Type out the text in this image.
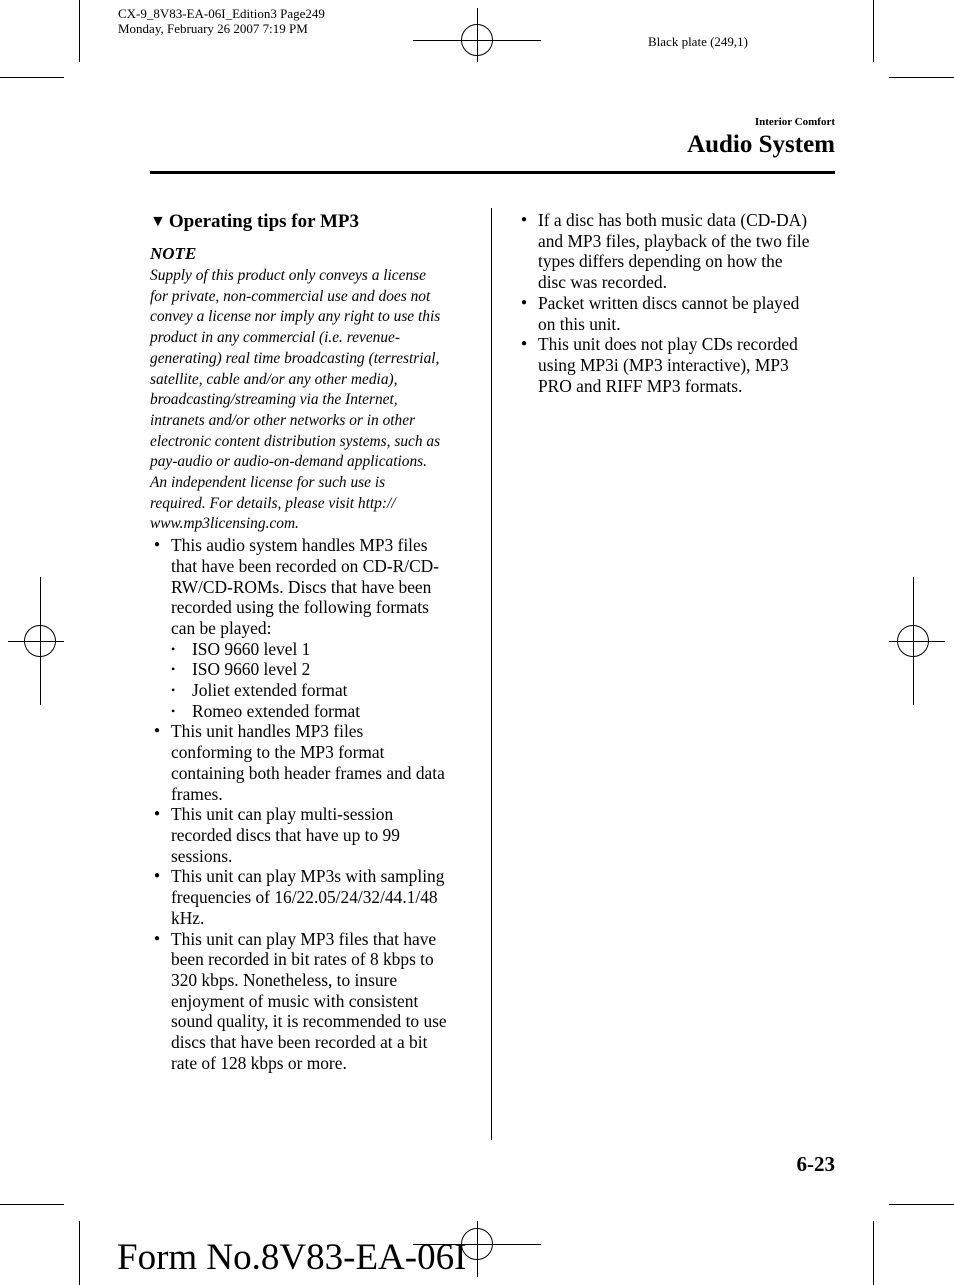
CX-9_8V83-EA-06I_Edition3 Page249
Monday, February 26 2007 7:19 PM
Black plate (249,1)
Interior Comfort
Audio System
▼ Operating tips for MP3
NOTE
Supply of this product only conveys a license
for private, non-commercial use and does not
convey a license nor imply any right to use this
product in any commercial (i.e. revenue-
generating) real time broadcasting (terrestrial,
satellite, cable and/or any other media),
broadcasting/streaming via the Internet,
intranets and/or other networks or in other
electronic content distribution systems, such as
pay-audio or audio-on-demand applications.
An independent license for such use is
required. For details, please visit http://
www.mp3licensing.com.
● This audio system handles MP3 files
that have been recorded on CD-R/CD-
RW/CD-ROMs. Discs that have been
recorded using the following formats
can be played:
• ISO 9660 level 1
• ISO 9660 level 2
• Joliet extended format
• Romeo extended format
● This unit handles MP3 files
conforming to the MP3 format
containing both header frames and data
frames.
● This unit can play multi-session
recorded discs that have up to 99
sessions.
● This unit can play MP3s with sampling
frequencies of 16/22.05/24/32/44.1/48
kHz.
● This unit can play MP3 files that have
been recorded in bit rates of 8 kbps to
320 kbps. Nonetheless, to insure
enjoyment of music with consistent
sound quality, it is recommended to use
discs that have been recorded at a bit
rate of 128 kbps or more.
● If a disc has both music data (CD-DA)
and MP3 files, playback of the two file
types differs depending on how the
disc was recorded.
● Packet written discs cannot be played
on this unit.
● This unit does not play CDs recorded
using MP3i (MP3 interactive), MP3
PRO and RIFF MP3 formats.
6-23
Form No.8V83-EA-06I
